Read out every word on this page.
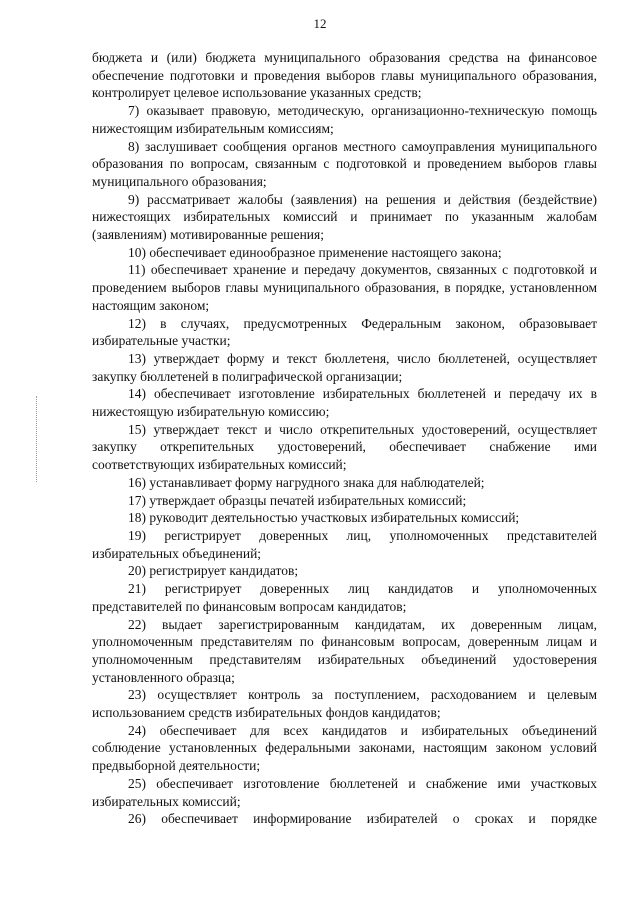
12

бюджета и (или) бюджета муниципального образования средства на финансовое обеспечение подготовки и проведения выборов главы муниципального образования, контролирует целевое использование указанных средств;

7) оказывает правовую, методическую, организационно-техническую помощь нижестоящим избирательным комиссиям;

8) заслушивает сообщения органов местного самоуправления муниципального образования по вопросам, связанным с подготовкой и проведением выборов главы муниципального образования;

9) рассматривает жалобы (заявления) на решения и действия (бездействие) нижестоящих избирательных комиссий и принимает по указанным жалобам (заявлениям) мотивированные решения;

10) обеспечивает единообразное применение настоящего закона;

11) обеспечивает хранение и передачу документов, связанных с подготовкой и проведением выборов главы муниципального образования, в порядке, установленном настоящим законом;

12) в случаях, предусмотренных Федеральным законом, образовывает избирательные участки;

13) утверждает форму и текст бюллетеня, число бюллетеней, осуществляет закупку бюллетеней в полиграфической организации;

14) обеспечивает изготовление избирательных бюллетеней и передачу их в нижестоящую избирательную комиссию;

15) утверждает текст и число открепительных удостоверений, осуществляет закупку открепительных удостоверений, обеспечивает снабжение ими соответствующих избирательных комиссий;

16) устанавливает форму нагрудного знака для наблюдателей;

17) утверждает образцы печатей избирательных комиссий;

18) руководит деятельностью участковых избирательных комиссий;

19) регистрирует доверенных лиц, уполномоченных представителей избирательных объединений;

20) регистрирует кандидатов;

21) регистрирует доверенных лиц кандидатов и уполномоченных представителей по финансовым вопросам кандидатов;

22) выдает зарегистрированным кандидатам, их доверенным лицам, уполномоченным представителям по финансовым вопросам, доверенным лицам и уполномоченным представителям избирательных объединений удостоверения установленного образца;

23) осуществляет контроль за поступлением, расходованием и целевым использованием средств избирательных фондов кандидатов;

24) обеспечивает для всех кандидатов и избирательных объединений соблюдение установленных федеральными законами, настоящим законом условий предвыборной деятельности;

25) обеспечивает изготовление бюллетеней и снабжение ими участковых избирательных комиссий;

26) обеспечивает информирование избирателей о сроках и порядке
